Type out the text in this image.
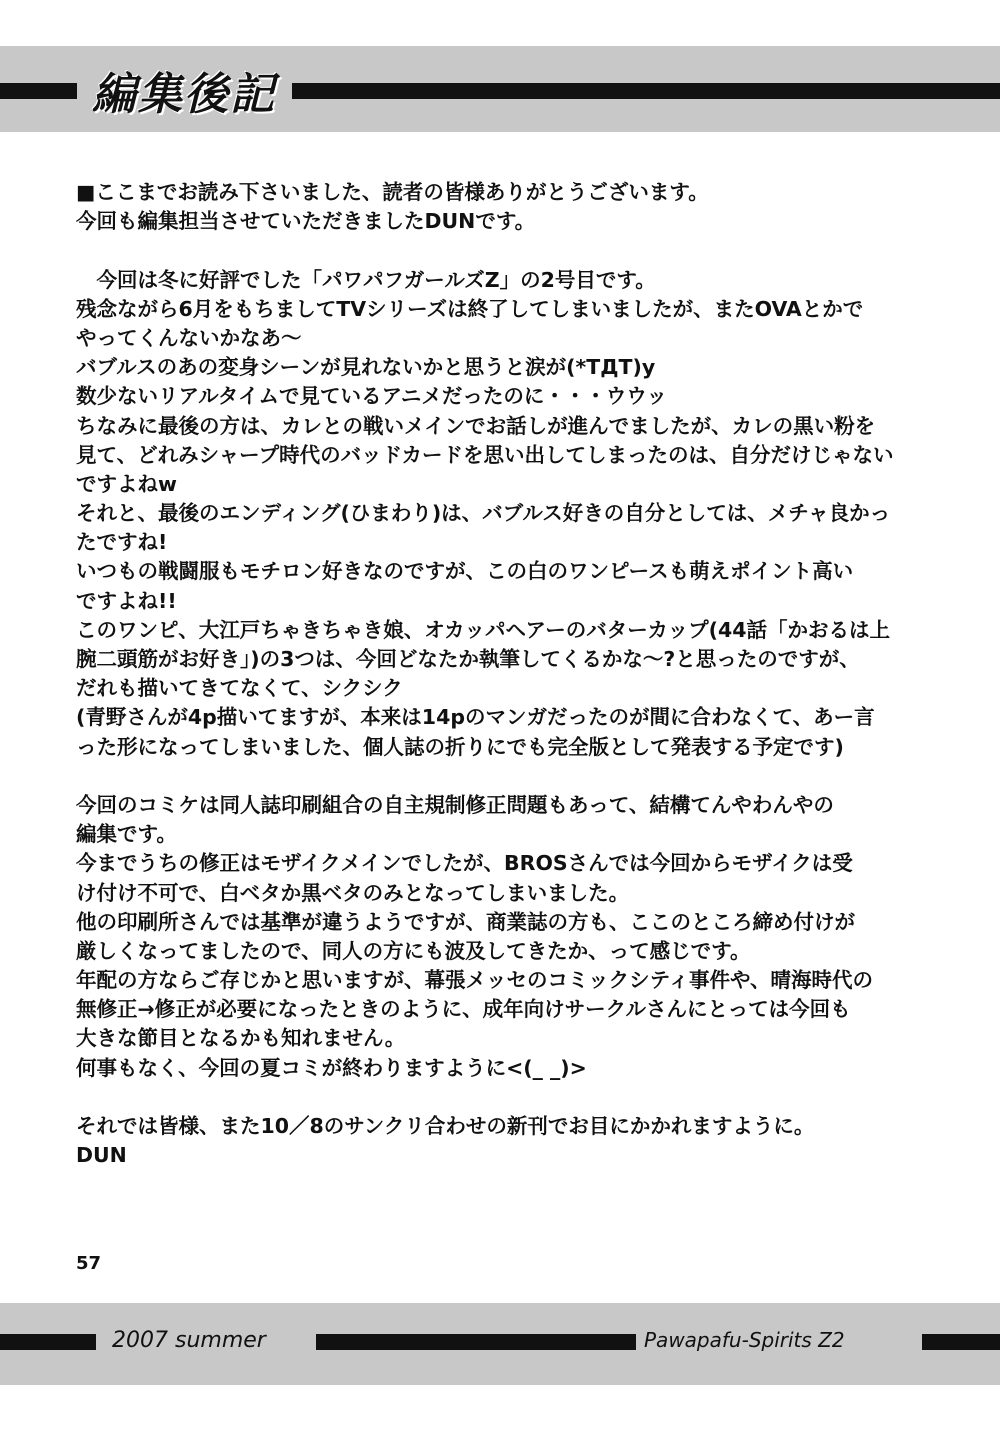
編集後記
■ここまでお読み下さいました、読者の皆様ありがとうございます。
今回も編集担当させていただきましたDUNです。
　今回は冬に好評でした「パワパフガールズZ」の2号目です。
残念ながら6月をもちましてTVシリーズは終了してしまいましたが、またOVAとかで
やってくんないかなあ～
バブルスのあの変身シーンが見れないかと思うと涙が(*TДT)y
数少ないリアルタイムで見ているアニメだったのに・・・ウウッ
ちなみに最後の方は、カレとの戦いメインでお話しが進んでましたが、カレの黒い粉を
見て、どれみシャープ時代のバッドカードを思い出してしまったのは、自分だけじゃない
ですよねw
それと、最後のエンディング(ひまわり)は、バブルス好きの自分としては、メチャ良かっ
たですね!
いつもの戦闘服もモチロン好きなのですが、この白のワンピースも萌えポイント高い
ですよね!!
このワンピ、大江戸ちゃきちゃき娘、オカッパヘアーのバターカップ(44話「かおるは上
腕二頭筋がお好き」)の3つは、今回どなたか執筆してくるかな～?と思ったのですが、
だれも描いてきてなくて、シクシク
(青野さんが4p描いてますが、本来は14pのマンガだったのが間に合わなくて、あー言
った形になってしまいました、個人誌の折りにでも完全版として発表する予定です)
今回のコミケは同人誌印刷組合の自主規制修正問題もあって、結構てんやわんやの
編集です。
今までうちの修正はモザイクメインでしたが、BROSさんでは今回からモザイクは受
け付け不可で、白ベタか黒ベタのみとなってしまいました。
他の印刷所さんでは基準が違うようですが、商業誌の方も、ここのところ締め付けが
厳しくなってましたので、同人の方にも波及してきたか、って感じです。
年配の方ならご存じかと思いますが、幕張メッセのコミックシティ事件や、晴海時代の
無修正→修正が必要になったときのように、成年向けサークルさんにとっては今回も
大きな節目となるかも知れません。
何事もなく、今回の夏コミが終わりますように<(_ _)>
それでは皆様、また10／8のサンクリ合わせの新刊でお目にかかれますように。
DUN
57
2007 summer	Pawapafu-Spirits Z2
